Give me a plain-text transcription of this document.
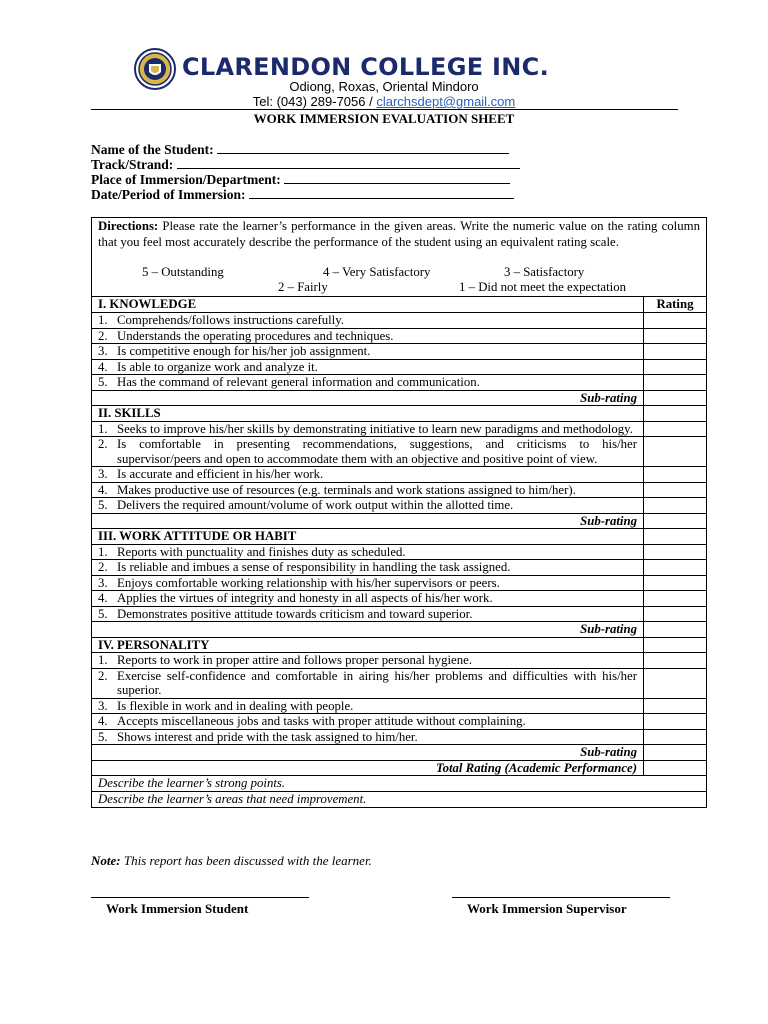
CLARENDON COLLEGE INC.
Odiong, Roxas, Oriental Mindoro
Tel: (043) 289-7056 / clarchsdept@gmail.com
WORK IMMERSION EVALUATION SHEET
Name of the Student:
Track/Strand:
Place of Immersion/Department:
Date/Period of Immersion:
Directions: Please rate the learner’s performance in the given areas. Write the numeric value on the rating column that you feel most accurately describe the performance of the student using an equivalent rating scale.
5 – Outstanding	4 – Very Satisfactory	3 – Satisfactory
2 – Fairly	1 – Did not meet the expectation
I. KNOWLEDGE	Rating
1. Comprehends/follows instructions carefully.
2. Understands the operating procedures and techniques.
3. Is competitive enough for his/her job assignment.
4. Is able to organize work and analyze it.
5. Has the command of relevant general information and communication.
Sub-rating
II. SKILLS
1. Seeks to improve his/her skills by demonstrating initiative to learn new paradigms and methodology.
2. Is comfortable in presenting recommendations, suggestions, and criticisms to his/her supervisor/peers and open to accommodate them with an objective and positive point of view.
3. Is accurate and efficient in his/her work.
4. Makes productive use of resources (e.g. terminals and work stations assigned to him/her).
5. Delivers the required amount/volume of work output within the allotted time.
Sub-rating
III. WORK ATTITUDE OR HABIT
1. Reports with punctuality and finishes duty as scheduled.
2. Is reliable and imbues a sense of responsibility in handling the task assigned.
3. Enjoys comfortable working relationship with his/her supervisors or peers.
4. Applies the virtues of integrity and honesty in all aspects of his/her work.
5. Demonstrates positive attitude towards criticism and toward superior.
Sub-rating
IV. PERSONALITY
1. Reports to work in proper attire and follows proper personal hygiene.
2. Exercise self-confidence and comfortable in airing his/her problems and difficulties with his/her superior.
3. Is flexible in work and in dealing with people.
4. Accepts miscellaneous jobs and tasks with proper attitude without complaining.
5. Shows interest and pride with the task assigned to him/her.
Sub-rating
Total Rating (Academic Performance)
Describe the learner’s strong points.
Describe the learner’s areas that need improvement.
Note: This report has been discussed with the learner.
Work Immersion Student	Work Immersion Supervisor
